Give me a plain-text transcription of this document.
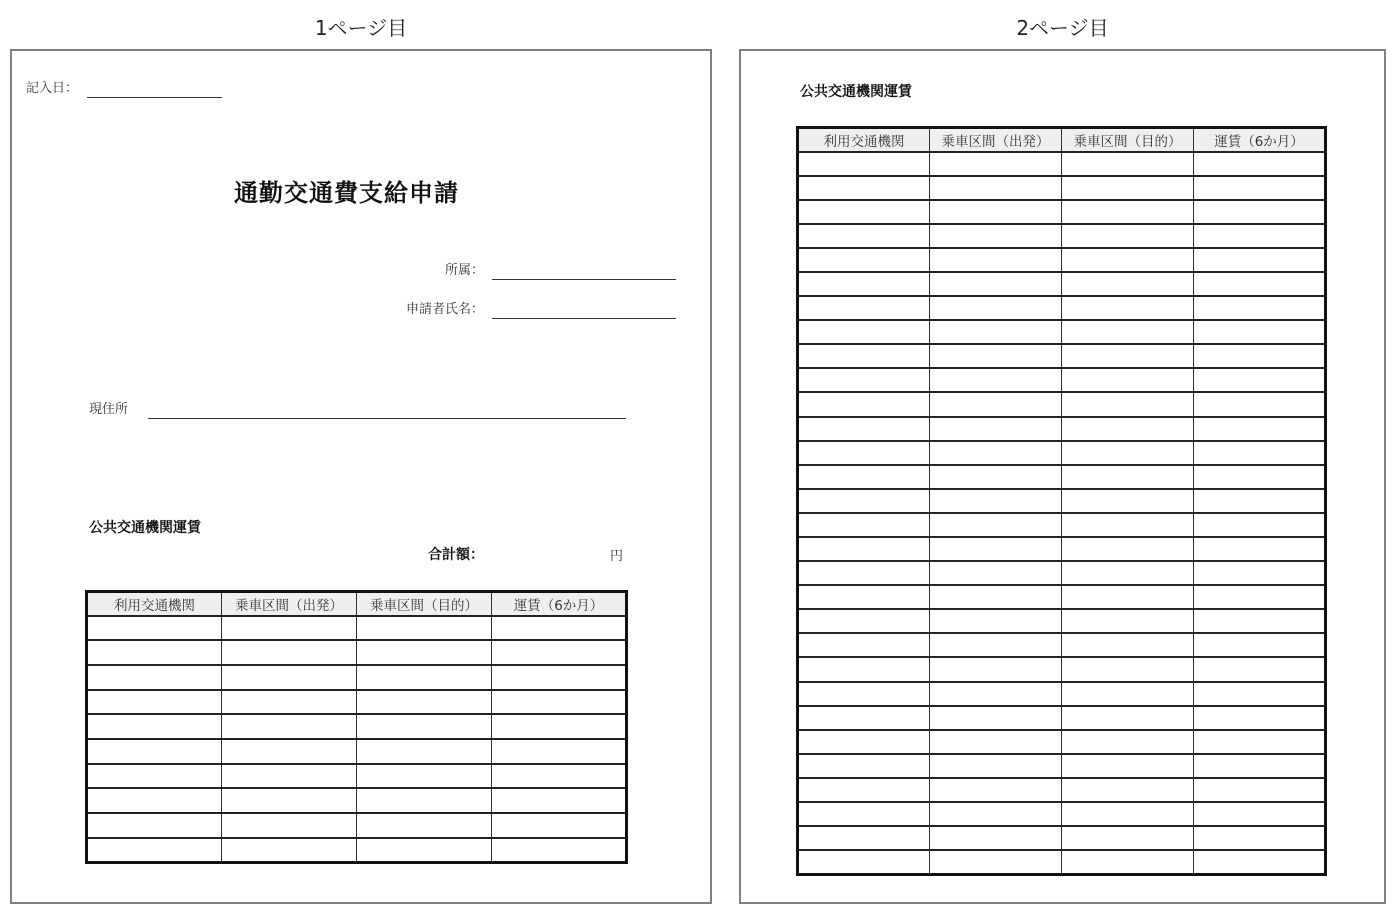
1ページ目	2ページ目
記入日：
通勤交通費支給申請
所属：
申請者氏名：
現住所
公共交通機関運賃
合計額：	円
利用交通機関	乗車区間（出発）	乗車区間（目的）	運賃（6か月）

公共交通機関運賃
利用交通機関	乗車区間（出発）	乗車区間（目的）	運賃（6か月）
